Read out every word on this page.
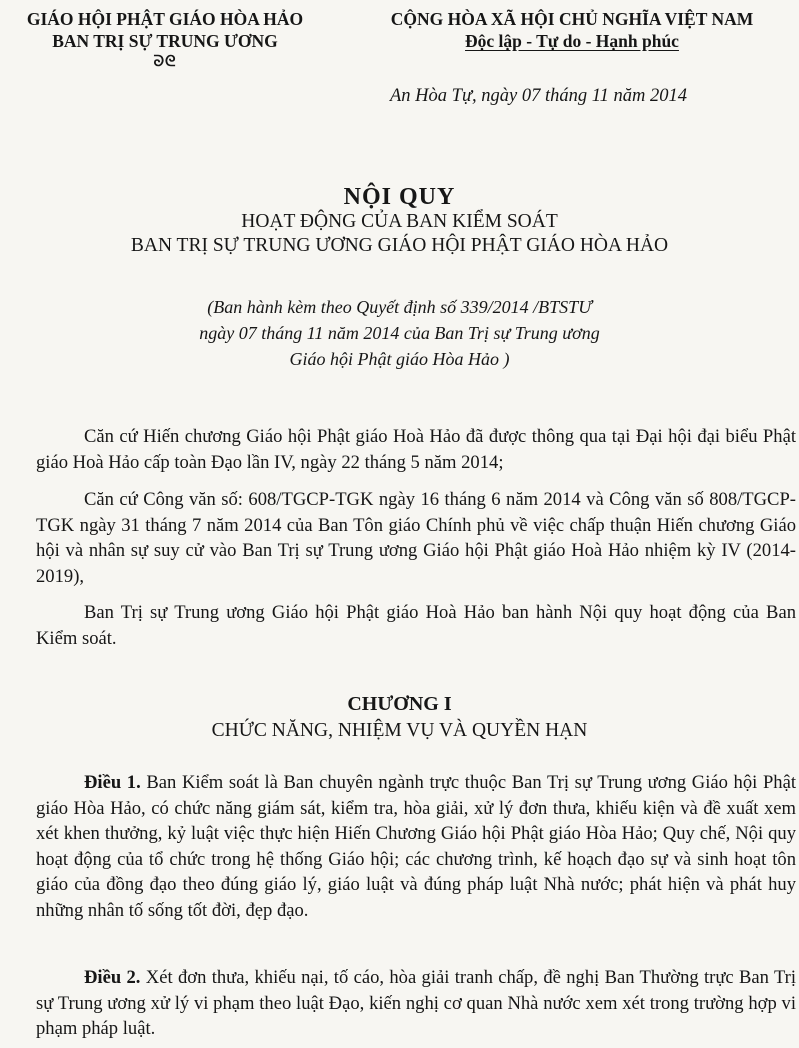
GIÁO HỘI PHẬT GIÁO HÒA HẢO
BAN TRỊ SỰ TRUNG ƯƠNG
ᘐᘓ
CỘNG HÒA XÃ HỘI CHỦ NGHĨA VIỆT NAM
Độc lập - Tự do - Hạnh phúc
An Hòa Tự, ngày 07 tháng 11 năm 2014
NỘI QUY
HOẠT ĐỘNG CỦA BAN KIỂM SOÁT
BAN TRỊ SỰ TRUNG ƯƠNG GIÁO HỘI PHẬT GIÁO HÒA HẢO
(Ban hành kèm theo Quyết định số 339/2014 /BTSTƯ
ngày 07 tháng 11 năm 2014 của Ban Trị sự Trung ương
Giáo hội Phật giáo Hòa Hảo )

Căn cứ Hiến chương Giáo hội Phật giáo Hoà Hảo đã được thông qua tại Đại hội đại biểu Phật giáo Hoà Hảo cấp toàn Đạo lần IV, ngày 22 tháng 5 năm 2014;

Căn cứ Công văn số: 608/TGCP-TGK ngày 16 tháng 6 năm 2014 và Công văn số 808/TGCP-TGK ngày 31 tháng 7 năm 2014 của Ban Tôn giáo Chính phủ về việc chấp thuận Hiến chương Giáo hội và nhân sự suy cử vào Ban Trị sự Trung ương Giáo hội Phật giáo Hoà Hảo nhiệm kỳ IV (2014- 2019),

Ban Trị sự Trung ương Giáo hội Phật giáo Hoà Hảo ban hành Nội quy hoạt động của Ban Kiểm soát.

CHƯƠNG I
CHỨC NĂNG, NHIỆM VỤ VÀ QUYỀN HẠN

Điều 1. Ban Kiểm soát là Ban chuyên ngành trực thuộc Ban Trị sự Trung ương Giáo hội Phật giáo Hòa Hảo, có chức năng giám sát, kiểm tra, hòa giải, xử lý đơn thưa, khiếu kiện và đề xuất xem xét khen thưởng, kỷ luật việc thực hiện Hiến Chương Giáo hội Phật giáo Hòa Hảo; Quy chế, Nội quy hoạt động của tổ chức trong hệ thống Giáo hội; các chương trình, kế hoạch đạo sự và sinh hoạt tôn giáo của đồng đạo theo đúng giáo lý, giáo luật và đúng pháp luật Nhà nước; phát hiện và phát huy những nhân tố sống tốt đời, đẹp đạo.

Điều 2. Xét đơn thưa, khiếu nại, tố cáo, hòa giải tranh chấp, đề nghị Ban Thường trực Ban Trị sự Trung ương xử lý vi phạm theo luật Đạo, kiến nghị cơ quan Nhà nước xem xét trong trường hợp vi phạm pháp luật.
